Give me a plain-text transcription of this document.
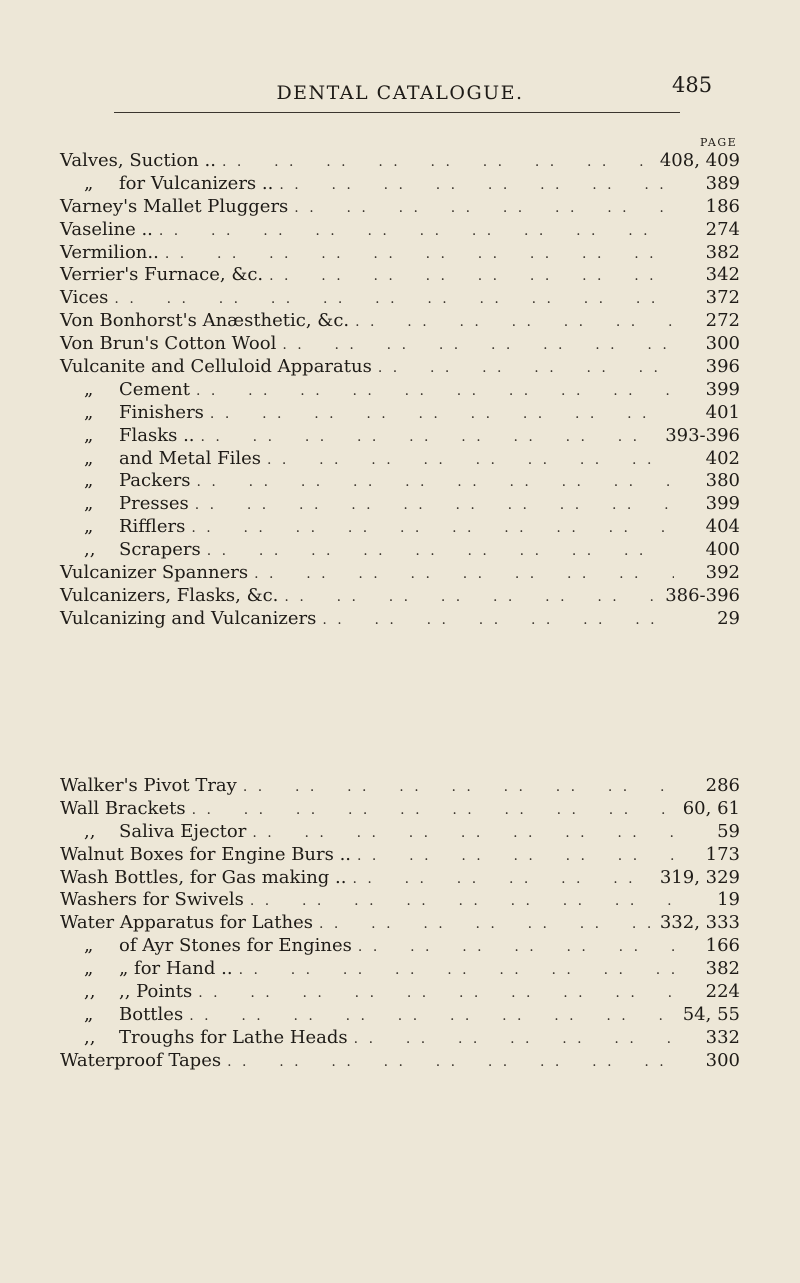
DENTAL CATALOGUE.	485
PAGE
Valves, Suction .. . .	408, 409
„ for Vulcanizers .. . .	389
Varney's Mallet Pluggers . .	186
Vaseline .. . .	274
Vermilion.. . .	382
Verrier's Furnace, &c. . .	342
Vices . .	372
Von Bonhorst's Anæsthetic, &c. . .	272
Von Brun's Cotton Wool . .	300
Vulcanite and Celluloid Apparatus . .	396
„ Cement . .	399
„ Finishers . .	401
„ Flasks .. . .	393-396
„ and Metal Files . .	402
„ Packers . .	380
„ Presses . .	399
„ Rifflers . .	404
,, Scrapers . .	400
Vulcanizer Spanners . .	392
Vulcanizers, Flasks, &c. . .	386-396
Vulcanizing and Vulcanizers . .	29
Walker's Pivot Tray . .	286
Wall Brackets . .	60, 61
,, Saliva Ejector . .	59
Walnut Boxes for Engine Burs .. . .	173
Wash Bottles, for Gas making .. . .	319, 329
Washers for Swivels . .	19
Water Apparatus for Lathes . .	332, 333
„ of Ayr Stones for Engines . .	166
„ „ for Hand .. . .	382
,, ,, Points . .	224
„ Bottles . .	54, 55
,, Troughs for Lathe Heads . .	332
Waterproof Tapes . .	300
